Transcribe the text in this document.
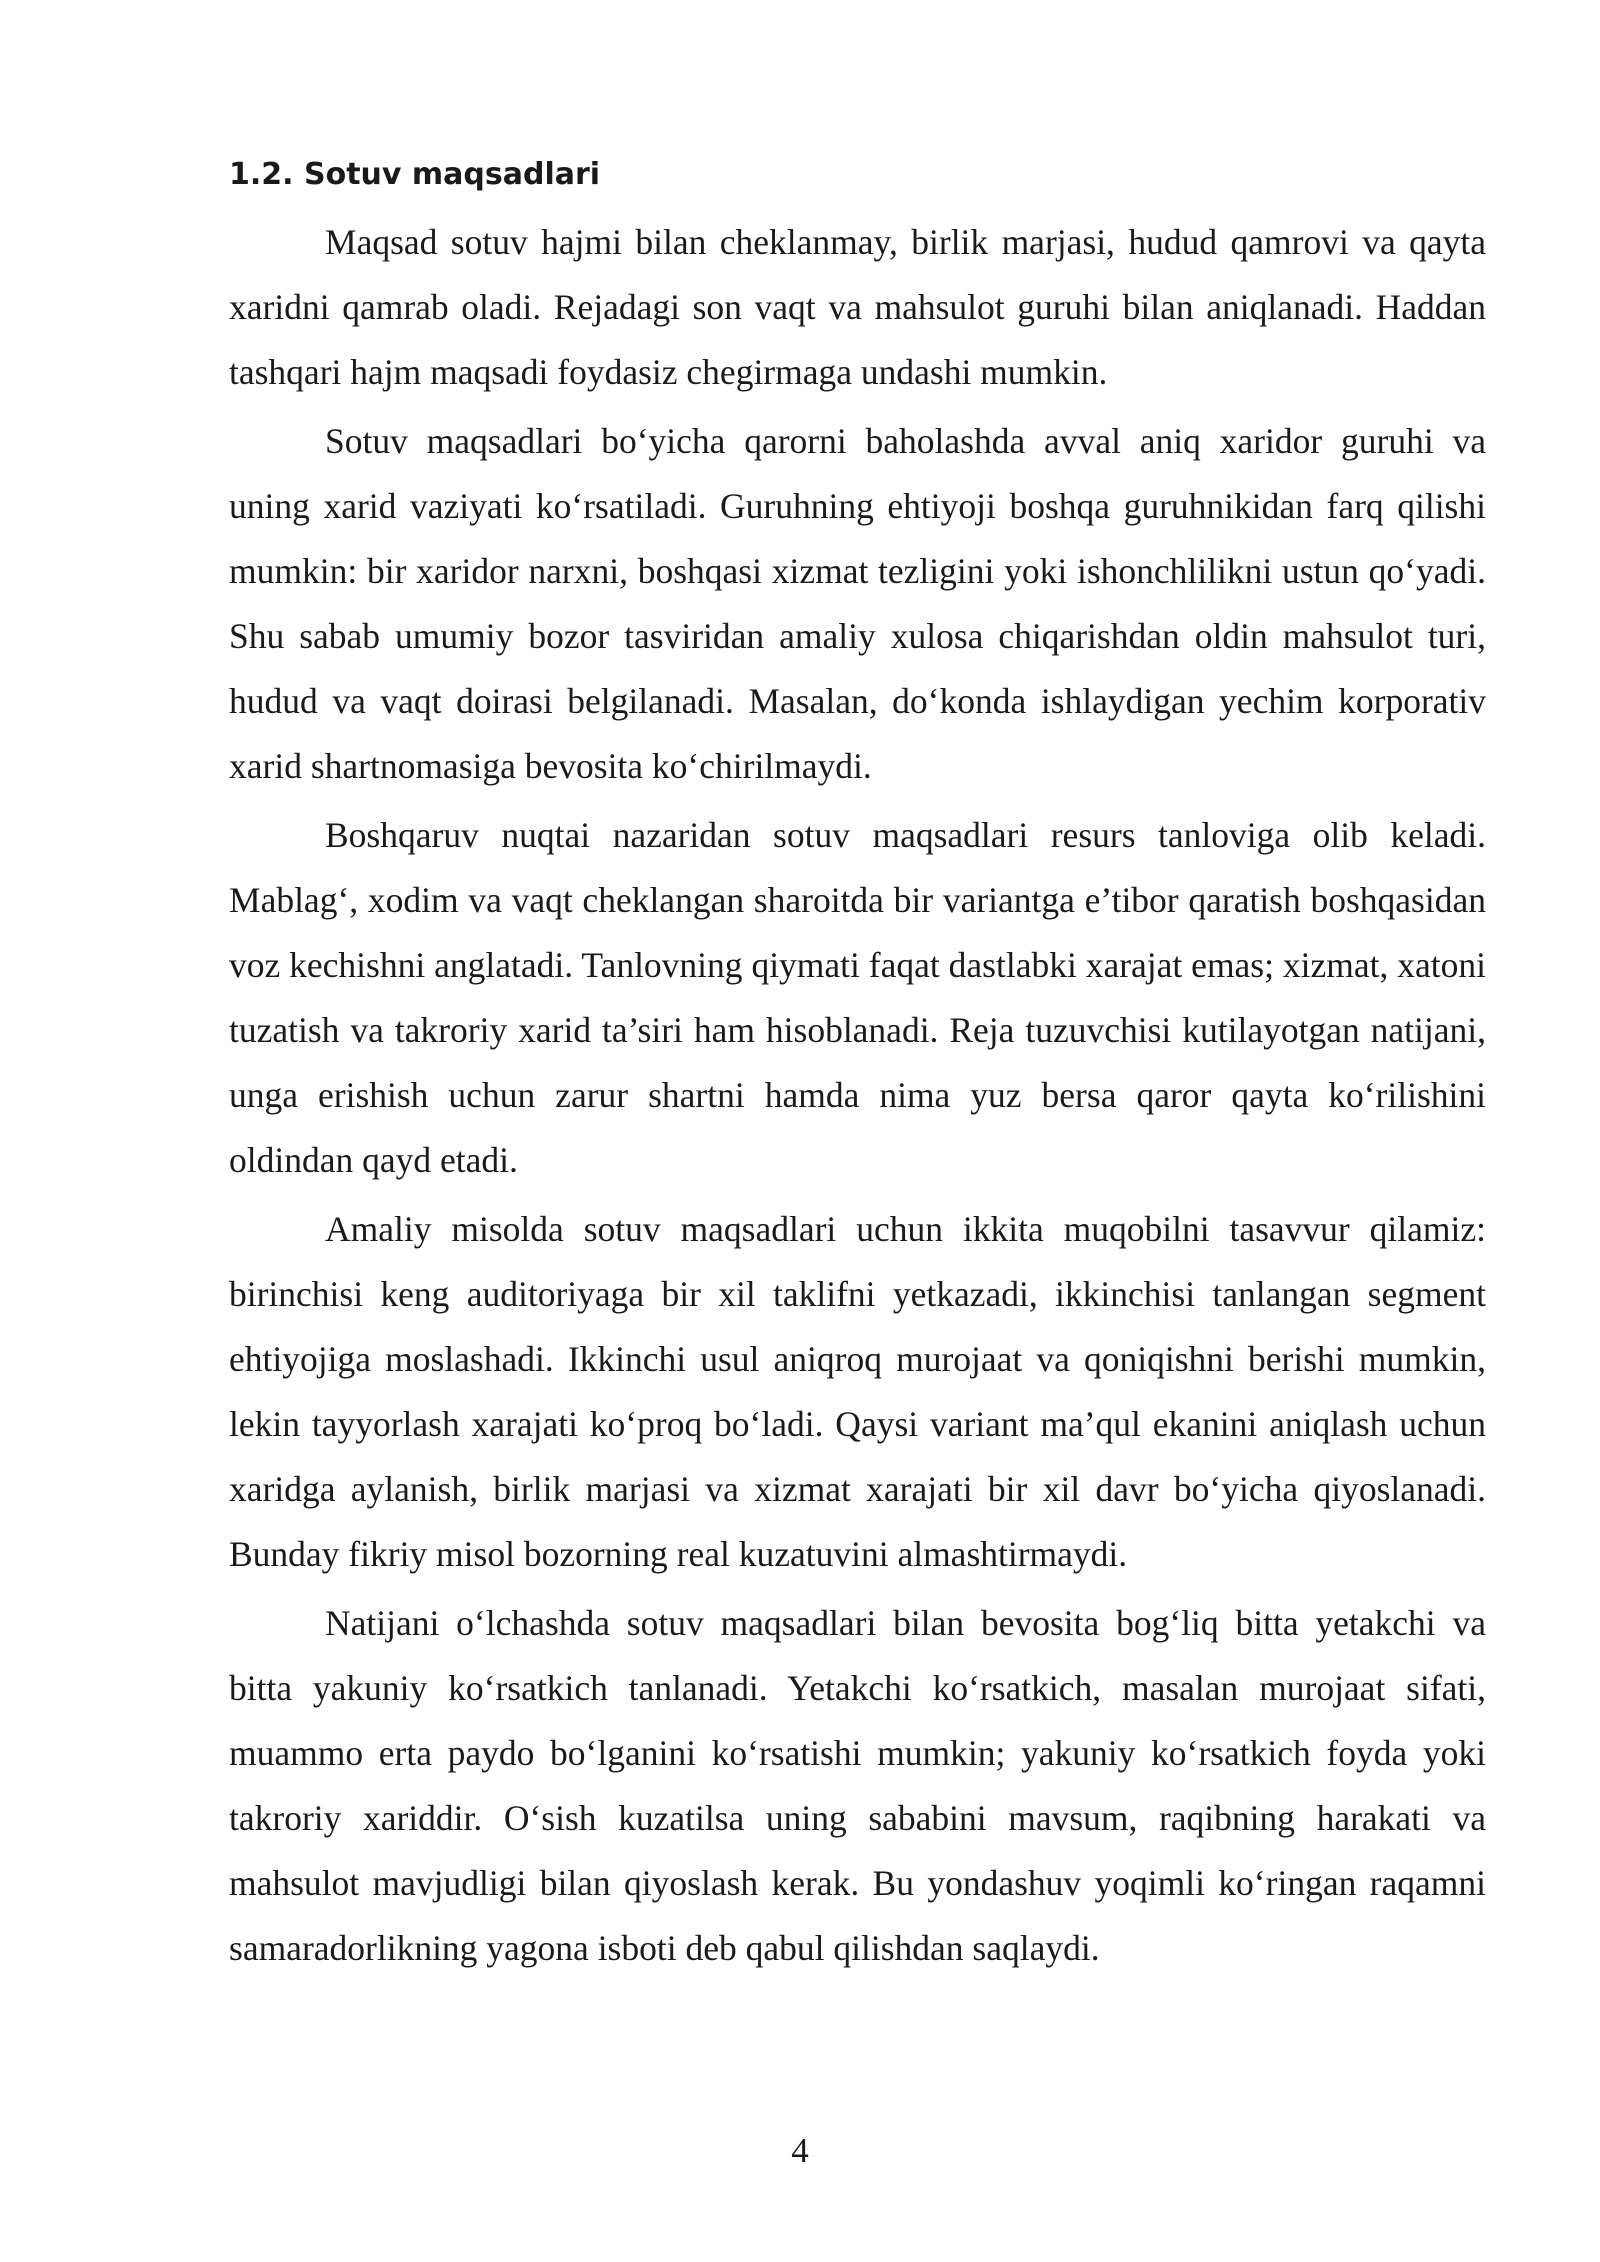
1.2. Sotuv maqsadlari

Maqsad sotuv hajmi bilan cheklanmay, birlik marjasi, hudud qamrovi va qayta xaridni qamrab oladi. Rejadagi son vaqt va mahsulot guruhi bilan aniqlanadi. Haddan tashqari hajm maqsadi foydasiz chegirmaga undashi mumkin.

Sotuv maqsadlari bo‘yicha qarorni baholashda avval aniq xaridor guruhi va uning xarid vaziyati ko‘rsatiladi. Guruhning ehtiyoji boshqa guruhnikidan farq qilishi mumkin: bir xaridor narxni, boshqasi xizmat tezligini yoki ishonchlilikni ustun qo‘yadi. Shu sabab umumiy bozor tasviridan amaliy xulosa chiqarishdan oldin mahsulot turi, hudud va vaqt doirasi belgilanadi. Masalan, do‘konda ishlaydigan yechim korporativ xarid shartnomasiga bevosita ko‘chirilmaydi.

Boshqaruv nuqtai nazaridan sotuv maqsadlari resurs tanloviga olib keladi. Mablag‘, xodim va vaqt cheklangan sharoitda bir variantga e’tibor qaratish boshqasidan voz kechishni anglatadi. Tanlovning qiymati faqat dastlabki xarajat emas; xizmat, xatoni tuzatish va takroriy xarid ta’siri ham hisoblanadi. Reja tuzuvchisi kutilayotgan natijani, unga erishish uchun zarur shartni hamda nima yuz bersa qaror qayta ko‘rilishini oldindan qayd etadi.

Amaliy misolda sotuv maqsadlari uchun ikkita muqobilni tasavvur qilamiz: birinchisi keng auditoriyaga bir xil taklifni yetkazadi, ikkinchisi tanlangan segment ehtiyojiga moslashadi. Ikkinchi usul aniqroq murojaat va qoniqishni berishi mumkin, lekin tayyorlash xarajati ko‘proq bo‘ladi. Qaysi variant ma’qul ekanini aniqlash uchun xaridga aylanish, birlik marjasi va xizmat xarajati bir xil davr bo‘yicha qiyoslanadi. Bunday fikriy misol bozorning real kuzatuvini almashtirmaydi.

Natijani o‘lchashda sotuv maqsadlari bilan bevosita bog‘liq bitta yetakchi va bitta yakuniy ko‘rsatkich tanlanadi. Yetakchi ko‘rsatkich, masalan murojaat sifati, muammo erta paydo bo‘lganini ko‘rsatishi mumkin; yakuniy ko‘rsatkich foyda yoki takroriy xariddir. O‘sish kuzatilsa uning sababini mavsum, raqibning harakati va mahsulot mavjudligi bilan qiyoslash kerak. Bu yondashuv yoqimli ko‘ringan raqamni samaradorlikning yagona isboti deb qabul qilishdan saqlaydi.

4
